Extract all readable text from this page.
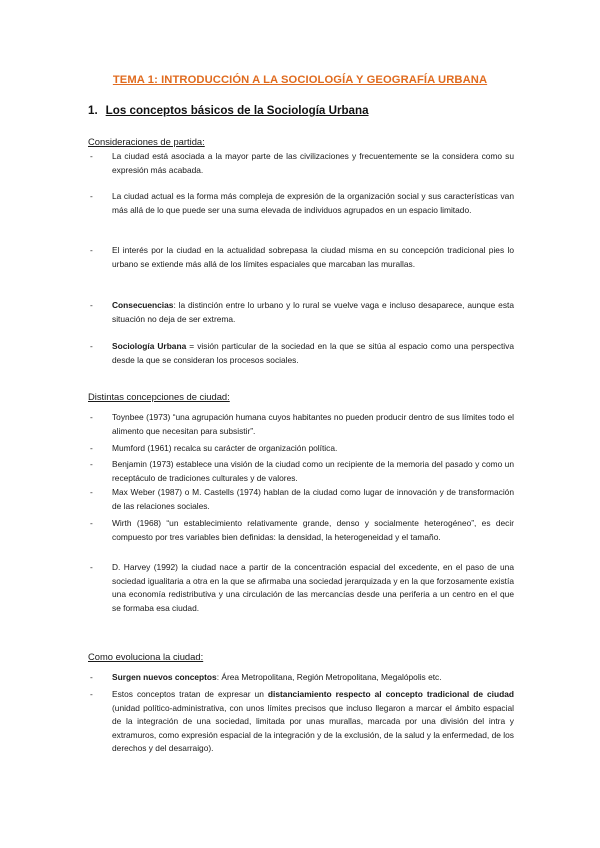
TEMA 1: INTRODUCCIÓN A LA SOCIOLOGÍA Y GEOGRAFÍA URBANA
1. Los conceptos básicos de la Sociología Urbana
Consideraciones de partida:
- La ciudad está asociada a la mayor parte de las civilizaciones y frecuentemente se la considera como su expresión más acabada.
- La ciudad actual es la forma más compleja de expresión de la organización social y sus características van más allá de lo que puede ser una suma elevada de individuos agrupados en un espacio limitado.
- El interés por la ciudad en la actualidad sobrepasa la ciudad misma en su concepción tradicional pies lo urbano se extiende más allá de los límites espaciales que marcaban las murallas.
- Consecuencias: la distinción entre lo urbano y lo rural se vuelve vaga e incluso desaparece, aunque esta situación no deja de ser extrema.
- Sociología Urbana = visión particular de la sociedad en la que se sitúa al espacio como una perspectiva desde la que se consideran los procesos sociales.
Distintas concepciones de ciudad:
- Toynbee (1973) “una agrupación humana cuyos habitantes no pueden producir dentro de sus límites todo el alimento que necesitan para subsistir”.
- Mumford (1961) recalca su carácter de organización política.
- Benjamin (1973) establece una visión de la ciudad como un recipiente de la memoria del pasado y como un receptáculo de tradiciones culturales y de valores.
- Max Weber (1987) o M. Castells (1974) hablan de la ciudad como lugar de innovación y de transformación de las relaciones sociales.
- Wirth (1968) “un establecimiento relativamente grande, denso y socialmente heterogéneo”, es decir compuesto por tres variables bien definidas: la densidad, la heterogeneidad y el tamaño.
- D. Harvey (1992) la ciudad nace a partir de la concentración espacial del excedente, en el paso de una sociedad igualitaria a otra en la que se afirmaba una sociedad jerarquizada y en la que forzosamente existía una economía redistributiva y una circulación de las mercancías desde una periferia a un centro en el que se formaba esa ciudad.
Como evoluciona la ciudad:
- Surgen nuevos conceptos: Área Metropolitana, Región Metropolitana, Megalópolis etc.
- Estos conceptos tratan de expresar un distanciamiento respecto al concepto tradicional de ciudad (unidad político-administrativa, con unos límites precisos que incluso llegaron a marcar el ámbito espacial de la integración de una sociedad, limitada por unas murallas, marcada por una división del intra y extramuros, como expresión espacial de la integración y de la exclusión, de la salud y la enfermedad, de los derechos y del desarraigo).
